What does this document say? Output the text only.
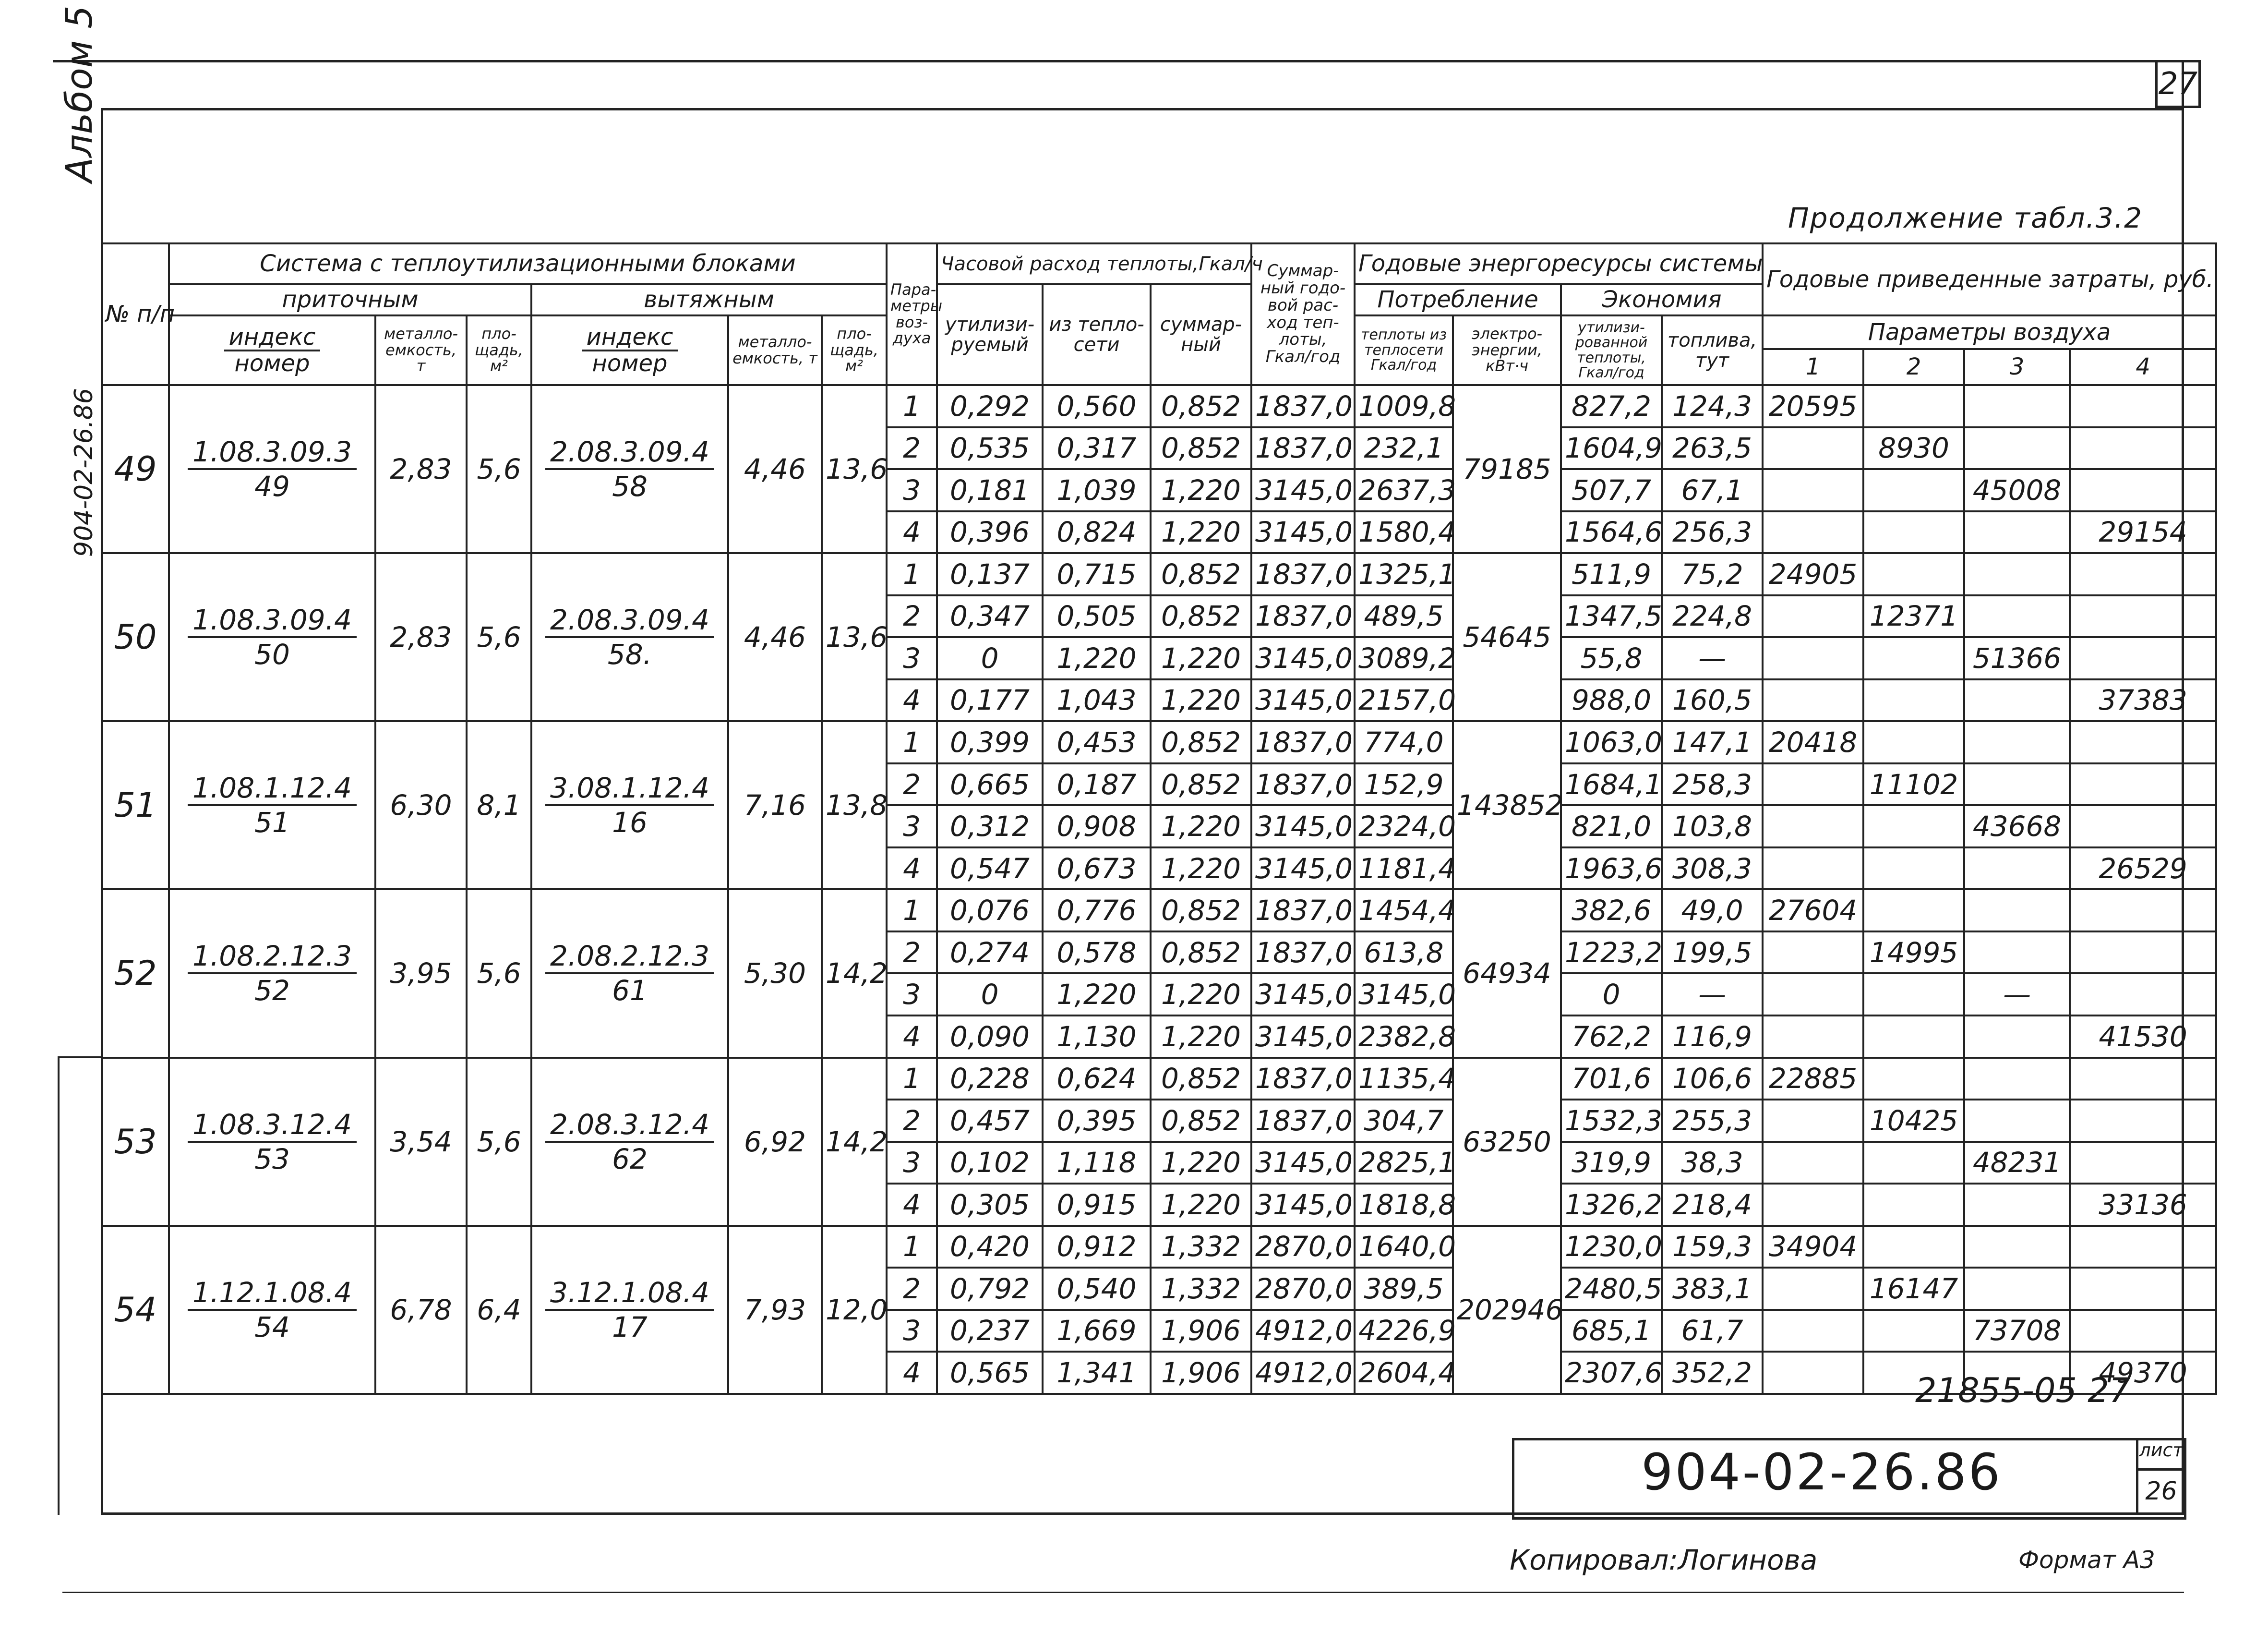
27
Альбом 5
904-02-26.86
Продолжение табл.3.2
№ п/п	Система с теплоутилизационными блоками						Пара-метры воз-духа	Часовой расход теплоты,Гкал/ч			Суммар-ный годо-вой рас-ход теп-лоты, Гкал/год	Годовые энергоресурсы системы				Годовые приведенные затраты, руб.			
	приточным			вытяжным				утилизи-руемый	из тепло-сети	суммар-ный		Потребление		Экономия					

	$\frac{\text{индекс}}{\text{номер}}$	металло-емкость, т	пло-щадь, м²	$\frac{\text{индекс}}{\text{номер}}$	металло-емкость, т	пло-щадь, м²						теплоты из теплосети Гкал/год	электро-энергии, кВт·ч	утилизи-рованной теплоты, Гкал/год	топлива, тут	Параметры воздуха			
																1	2	3	4
49	$\frac{1.08.3.09.3}{49}$	2,83	5,6	$\frac{2.08.3.09.4}{58}$	4,46	13,6	1	0,292	0,560	0,852	1837,0	1009,8	79185	827,2	124,3	20595			
							2	0,535	0,317	0,852	1837,0	232,1		1604,9	263,5		8930		
							3	0,181	1,039	1,220	3145,0	2637,3		507,7	67,1			45008	
							4	0,396	0,824	1,220	3145,0	1580,4		1564,6	256,3				29154
50	$\frac{1.08.3.09.4}{50}$	2,83	5,6	$\frac{2.08.3.09.4}{58.}$	4,46	13,6	1	0,137	0,715	0,852	1837,0	1325,1	54645	511,9	75,2	24905			
							2	0,347	0,505	0,852	1837,0	489,5		1347,5	224,8		12371		
							3	0	1,220	1,220	3145,0	3089,2		55,8	—			51366	
							4	0,177	1,043	1,220	3145,0	2157,0		988,0	160,5				37383
51	$\frac{1.08.1.12.4}{51}$	6,30	8,1	$\frac{3.08.1.12.4}{16}$	7,16	13,8	1	0,399	0,453	0,852	1837,0	774,0	143852	1063,0	147,1	20418			
							2	0,665	0,187	0,852	1837,0	152,9		1684,1	258,3		11102		
							3	0,312	0,908	1,220	3145,0	2324,0		821,0	103,8			43668	
							4	0,547	0,673	1,220	3145,0	1181,4		1963,6	308,3				26529
52	$\frac{1.08.2.12.3}{52}$	3,95	5,6	$\frac{2.08.2.12.3}{61}$	5,30	14,2	1	0,076	0,776	0,852	1837,0	1454,4	64934	382,6	49,0	27604			
							2	0,274	0,578	0,852	1837,0	613,8		1223,2	199,5		14995		
							3	0	1,220	1,220	3145,0	3145,0		0	—			—	
							4	0,090	1,130	1,220	3145,0	2382,8		762,2	116,9				41530
53	$\frac{1.08.3.12.4}{53}$	3,54	5,6	$\frac{2.08.3.12.4}{62}$	6,92	14,2	1	0,228	0,624	0,852	1837,0	1135,4	63250	701,6	106,6	22885			
							2	0,457	0,395	0,852	1837,0	304,7		1532,3	255,3		10425		
							3	0,102	1,118	1,220	3145,0	2825,1		319,9	38,3			48231	
							4	0,305	0,915	1,220	3145,0	1818,8		1326,2	218,4				33136
54	$\frac{1.12.1.08.4}{54}$	6,78	6,4	$\frac{3.12.1.08.4}{17}$	7,93	12,0	1	0,420	0,912	1,332	2870,0	1640,0	202946	1230,0	159,3	34904			
							2	0,792	0,540	1,332	2870,0	389,5		2480,5	383,1		16147		
							3	0,237	1,669	1,906	4912,0	4226,9		685,1	61,7			73708	
							4	0,565	1,341	1,906	4912,0	2604,4		2307,6	352,2				49370
21855-05 27
904-02-26.86	лист
26
Копировал:Логинова	Формат А3
